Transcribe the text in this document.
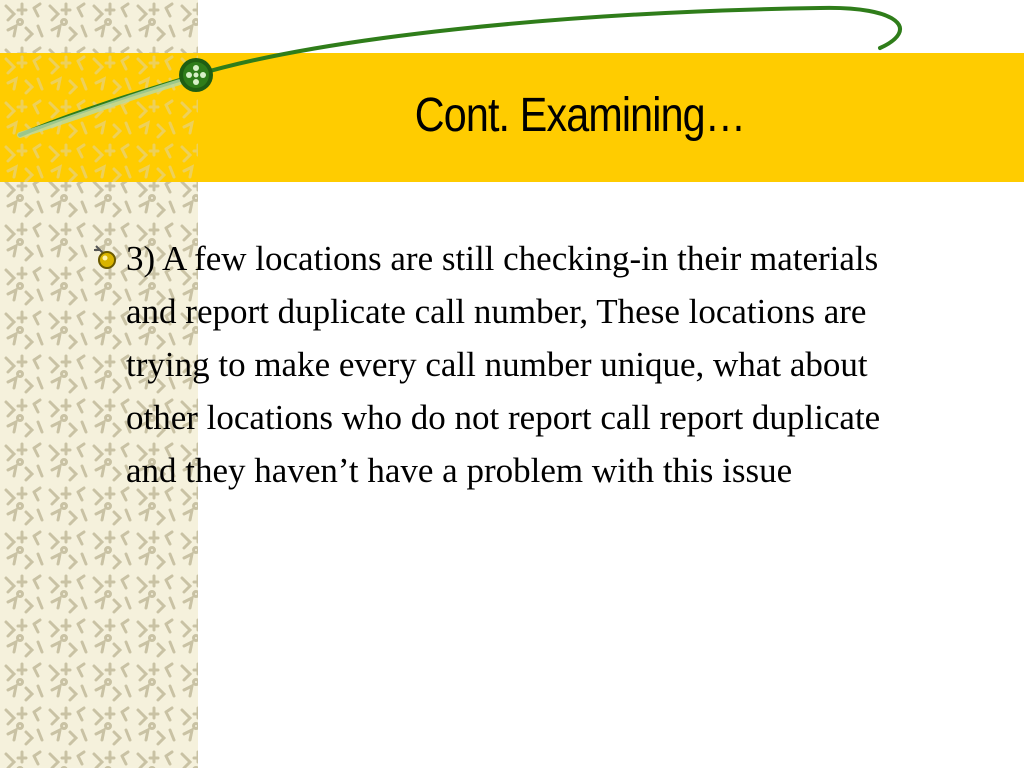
Cont. Examining…
3) A few locations are still checking-in their materials and report duplicate call number, These locations are trying to make every call number unique, what about other locations who do not report call report duplicate and they haven’t have a problem with this issue
